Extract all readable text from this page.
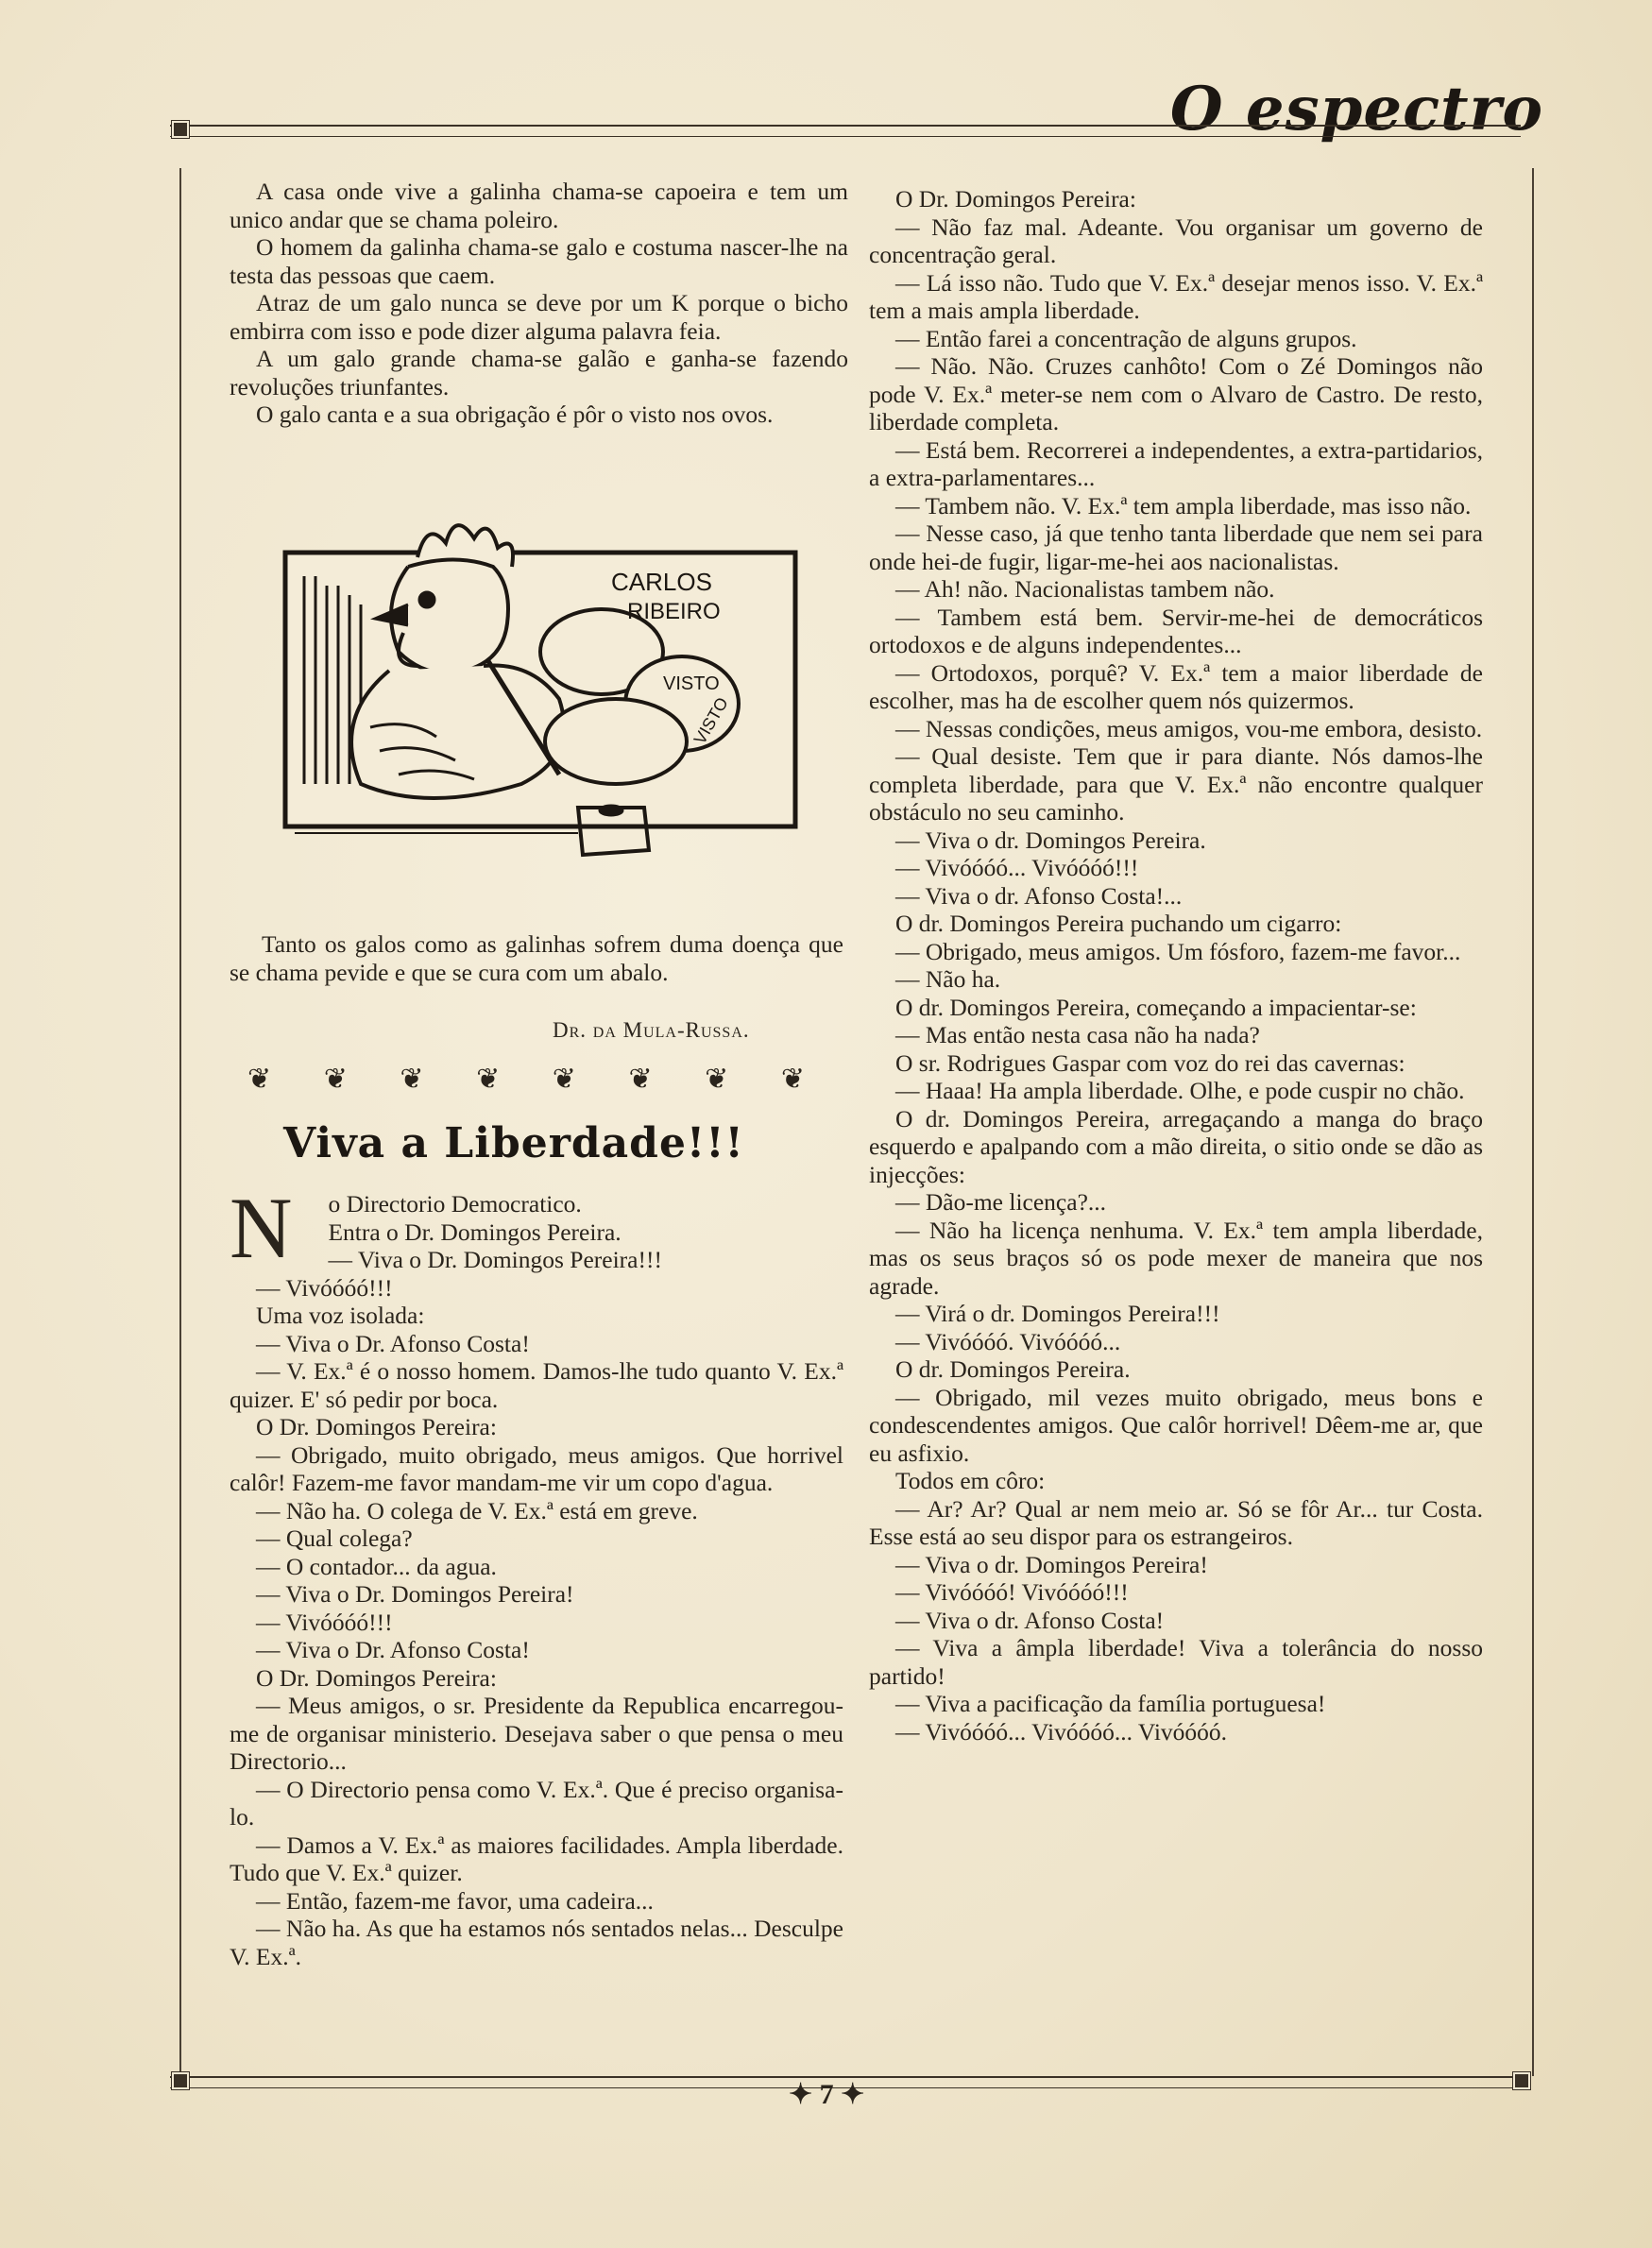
O espectro

A casa onde vive a galinha chama-se capoeira e tem um unico andar que se chama poleiro.

O homem da galinha chama-se galo e costuma nascer-lhe na testa das pessoas que caem.

Atraz de um galo nunca se deve por um K porque o bicho embirra com isso e pode dizer alguma palavra feia.

A um galo grande chama-se galão e ganha-se fazendo revoluções triunfantes.

O galo canta e a sua obrigação é pôr o visto nos ovos.

CARLOS
RIBEIRO
VISTO
VISTO

Tanto os galos como as galinhas sofrem duma doença que se chama pevide e que se cura com um abalo.

Dr. da Mula-Russa.
❦ ❦ ❦ ❦ ❦ ❦ ❦ ❦
Viva a Liberdade!!!
N	o Directorio Democratico.

Entra o Dr. Domingos Pereira.

— Viva o Dr. Domingos Pereira!!!

— Vivóóóó!!!

Uma voz isolada:

— Viva o Dr. Afonso Costa!

— V. Ex.ª é o nosso homem. Damos-lhe tudo quanto V. Ex.ª quizer. E' só pedir por boca.

O Dr. Domingos Pereira:

— Obrigado, muito obrigado, meus amigos. Que horrivel calôr! Fazem-me favor mandam-me vir um copo d'agua.

— Não ha. O colega de V. Ex.ª está em greve.

— Qual colega?

— O contador... da agua.

— Viva o Dr. Domingos Pereira!

— Vivóóóó!!!

— Viva o Dr. Afonso Costa!

O Dr. Domingos Pereira:

— Meus amigos, o sr. Presidente da Republica encarregou-me de organisar ministerio. Desejava saber o que pensa o meu Directorio...

— O Directorio pensa como V. Ex.ª. Que é preciso organisa-lo.

— Damos a V. Ex.ª as maiores facilidades. Ampla liberdade. Tudo que V. Ex.ª quizer.

— Então, fazem-me favor, uma cadeira...

— Não ha. As que ha estamos nós sentados nelas... Desculpe V. Ex.ª.

O Dr. Domingos Pereira:

— Não faz mal. Adeante. Vou organisar um governo de concentração geral.

— Lá isso não. Tudo que V. Ex.ª desejar menos isso. V. Ex.ª tem a mais ampla liberdade.

— Então farei a concentração de alguns grupos.

— Não. Não. Cruzes canhôto! Com o Zé Domingos não pode V. Ex.ª meter-se nem com o Alvaro de Castro. De resto, liberdade completa.

— Está bem. Recorrerei a independentes, a extra-partidarios, a extra-parlamentares...

— Tambem não. V. Ex.ª tem ampla liberdade, mas isso não.

— Nesse caso, já que tenho tanta liberdade que nem sei para onde hei-de fugir, ligar-me-hei aos nacionalistas.

— Ah! não. Nacionalistas tambem não.

— Tambem está bem. Servir-me-hei de democráticos ortodoxos e de alguns independentes...

— Ortodoxos, porquê? V. Ex.ª tem a maior liberdade de escolher, mas ha de escolher quem nós quizermos.

— Nessas condições, meus amigos, vou-me embora, desisto.

— Qual desiste. Tem que ir para diante. Nós damos-lhe completa liberdade, para que V. Ex.ª não encontre qualquer obstáculo no seu caminho.

— Viva o dr. Domingos Pereira.

— Vivóóóó... Vivóóóó!!!

— Viva o dr. Afonso Costa!...

O dr. Domingos Pereira puchando um cigarro:

— Obrigado, meus amigos. Um fósforo, fazem-me favor...

— Não ha.

O dr. Domingos Pereira, começando a impacientar-se:

— Mas então nesta casa não ha nada?

O sr. Rodrigues Gaspar com voz do rei das cavernas:

— Haaa! Ha ampla liberdade. Olhe, e pode cuspir no chão.

O dr. Domingos Pereira, arregaçando a manga do braço esquerdo e apalpando com a mão direita, o sitio onde se dão as injecções:

— Dão-me licença?...

— Não ha licença nenhuma. V. Ex.ª tem ampla liberdade, mas os seus braços só os pode mexer de maneira que nos agrade.

— Virá o dr. Domingos Pereira!!!

— Vivóóóó. Vivóóóó...

O dr. Domingos Pereira.

— Obrigado, mil vezes muito obrigado, meus bons e condescendentes amigos. Que calôr horrivel! Dêem-me ar, que eu asfixio.

Todos em côro:

— Ar? Ar? Qual ar nem meio ar. Só se fôr Ar... tur Costa. Esse está ao seu dispor para os estrangeiros.

— Viva o dr. Domingos Pereira!

— Vivóóóó! Vivóóóó!!!

— Viva o dr. Afonso Costa!

— Viva a âmpla liberdade! Viva a tolerância do nosso partido!

— Viva a pacificação da família portuguesa!

— Vivóóóó... Vivóóóó... Vivóóóó.

✦ 7 ✦
